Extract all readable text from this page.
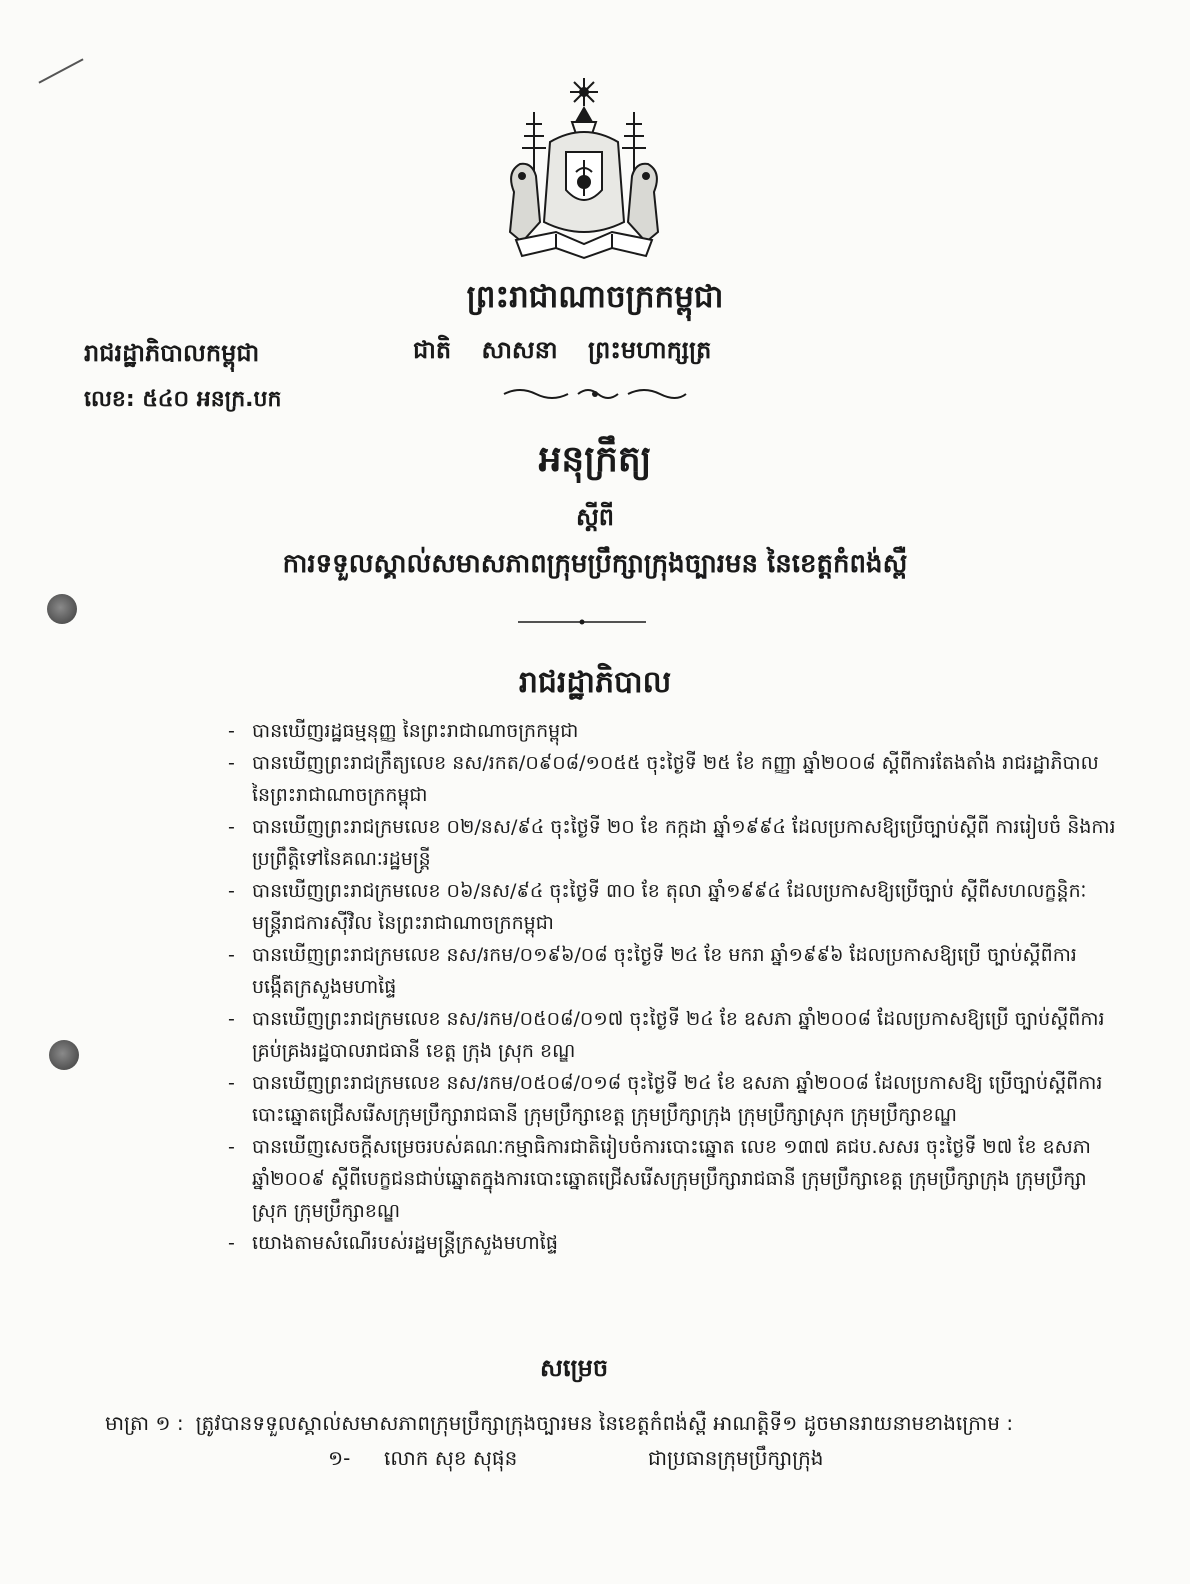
ព្រះរាជាណាចក្រកម្ពុជា
រាជរដ្ឋាភិបាលកម្ពុជា	ជាតិ សាសនា ព្រះមហាក្សត្រ
លេខ: ៥៤០ អនក្រ.បក
អនុក្រឹត្យ
ស្តីពី
ការទទួលស្គាល់សមាសភាពក្រុមប្រឹក្សាក្រុងច្បារមន នៃខេត្តកំពង់ស្ពឺ
រាជរដ្ឋាភិបាល
- បានឃើញរដ្ឋធម្មនុញ្ញ នៃព្រះរាជាណាចក្រកម្ពុជា
- បានឃើញព្រះរាជក្រឹត្យលេខ នស/រកត/០៩០៨/១០៥៥ ចុះថ្ងៃទី ២៥ ខែ កញ្ញា ឆ្នាំ២០០៨ ស្តីពីការតែងតាំង រាជរដ្ឋាភិបាល នៃព្រះរាជាណាចក្រកម្ពុជា
- បានឃើញព្រះរាជក្រមលេខ ០២/នស/៩៤ ចុះថ្ងៃទី ២០ ខែ កក្កដា ឆ្នាំ១៩៩៤ ដែលប្រកាសឱ្យប្រើច្បាប់ស្តីពី ការរៀបចំ និងការប្រព្រឹត្តិទៅនៃគណៈរដ្ឋមន្ត្រី
- បានឃើញព្រះរាជក្រមលេខ ០៦/នស/៩៤ ចុះថ្ងៃទី ៣០ ខែ តុលា ឆ្នាំ១៩៩៤ ដែលប្រកាសឱ្យប្រើច្បាប់ ស្តីពីសហលក្ខន្តិកៈមន្ត្រីរាជការស៊ីវិល នៃព្រះរាជាណាចក្រកម្ពុជា
- បានឃើញព្រះរាជក្រមលេខ នស/រកម/០១៩៦/០៨ ចុះថ្ងៃទី ២៤ ខែ មករា ឆ្នាំ១៩៩៦ ដែលប្រកាសឱ្យប្រើ ច្បាប់ស្តីពីការបង្កើតក្រសួងមហាផ្ទៃ
- បានឃើញព្រះរាជក្រមលេខ នស/រកម/០៥០៨/០១៧ ចុះថ្ងៃទី ២៤ ខែ ឧសភា ឆ្នាំ២០០៨ ដែលប្រកាសឱ្យប្រើ ច្បាប់ស្តីពីការគ្រប់គ្រងរដ្ឋបាលរាជធានី ខេត្ត ក្រុង ស្រុក ខណ្ឌ
- បានឃើញព្រះរាជក្រមលេខ នស/រកម/០៥០៨/០១៨ ចុះថ្ងៃទី ២៤ ខែ ឧសភា ឆ្នាំ២០០៨ ដែលប្រកាសឱ្យ ប្រើច្បាប់ស្តីពីការបោះឆ្នោតជ្រើសរើសក្រុមប្រឹក្សារាជធានី ក្រុមប្រឹក្សាខេត្ត ក្រុមប្រឹក្សាក្រុង ក្រុមប្រឹក្សាស្រុក ក្រុមប្រឹក្សាខណ្ឌ
- បានឃើញសេចក្តីសម្រេចរបស់គណៈកម្មាធិការជាតិរៀបចំការបោះឆ្នោត លេខ ១៣៧ គជប.សសរ ចុះថ្ងៃទី ២៧ ខែ ឧសភា ឆ្នាំ២០០៩ ស្តីពីបេក្ខជនជាប់ឆ្នោតក្នុងការបោះឆ្នោតជ្រើសរើសក្រុមប្រឹក្សារាជធានី ក្រុមប្រឹក្សាខេត្ត ក្រុមប្រឹក្សាក្រុង ក្រុមប្រឹក្សាស្រុក ក្រុមប្រឹក្សាខណ្ឌ
- យោងតាមសំណើរបស់រដ្ឋមន្ត្រីក្រសួងមហាផ្ទៃ
សម្រេច
មាត្រា ១ : ត្រូវបានទទួលស្គាល់សមាសភាពក្រុមប្រឹក្សាក្រុងច្បារមន នៃខេត្តកំពង់ស្ពឺ អាណត្តិទី១ ដូចមានរាយនាមខាងក្រោម :
១- លោក សុខ សុផុន	ជាប្រធានក្រុមប្រឹក្សាក្រុង
